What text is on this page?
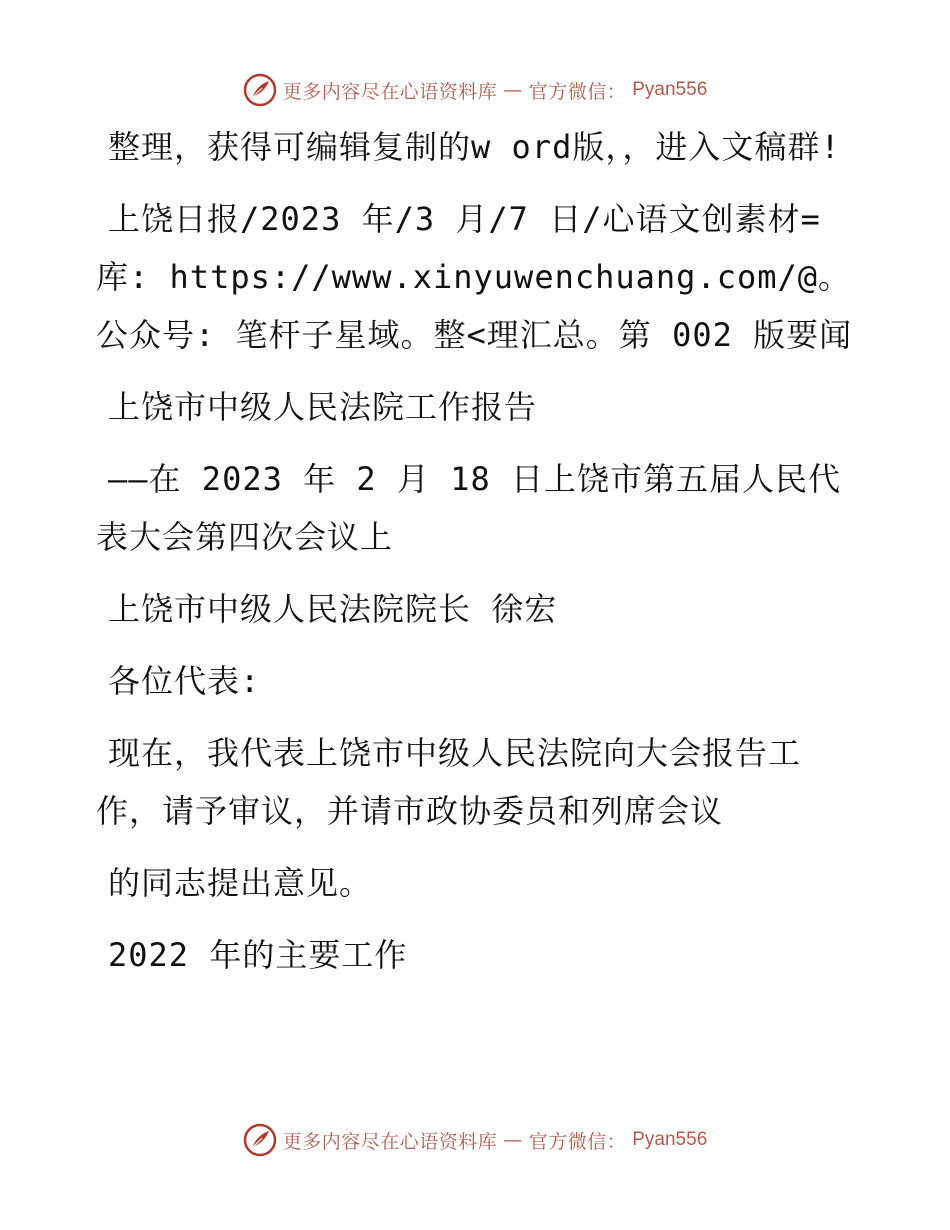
更多内容尽在心语资料库 — 官方微信： Pyan556

整理，获得可编辑复制的w ord版，，进入文稿群!

上饶日报/2023 年/3 月/7 日/心语文创素材=库: https://www.xinyuwenchuang.com/@。公众号: 笔杆子星域。整<理汇总。第 002 版要闻

上饶市中级人民法院工作报告

——在 2023 年 2 月 18 日上饶市第五届人民代表大会第四次会议上

上饶市中级人民法院院长 徐宏

各位代表:

现在，我代表上饶市中级人民法院向大会报告工作，请予审议，并请市政协委员和列席会议

的同志提出意见。

2022 年的主要工作

更多内容尽在心语资料库 — 官方微信： Pyan556
